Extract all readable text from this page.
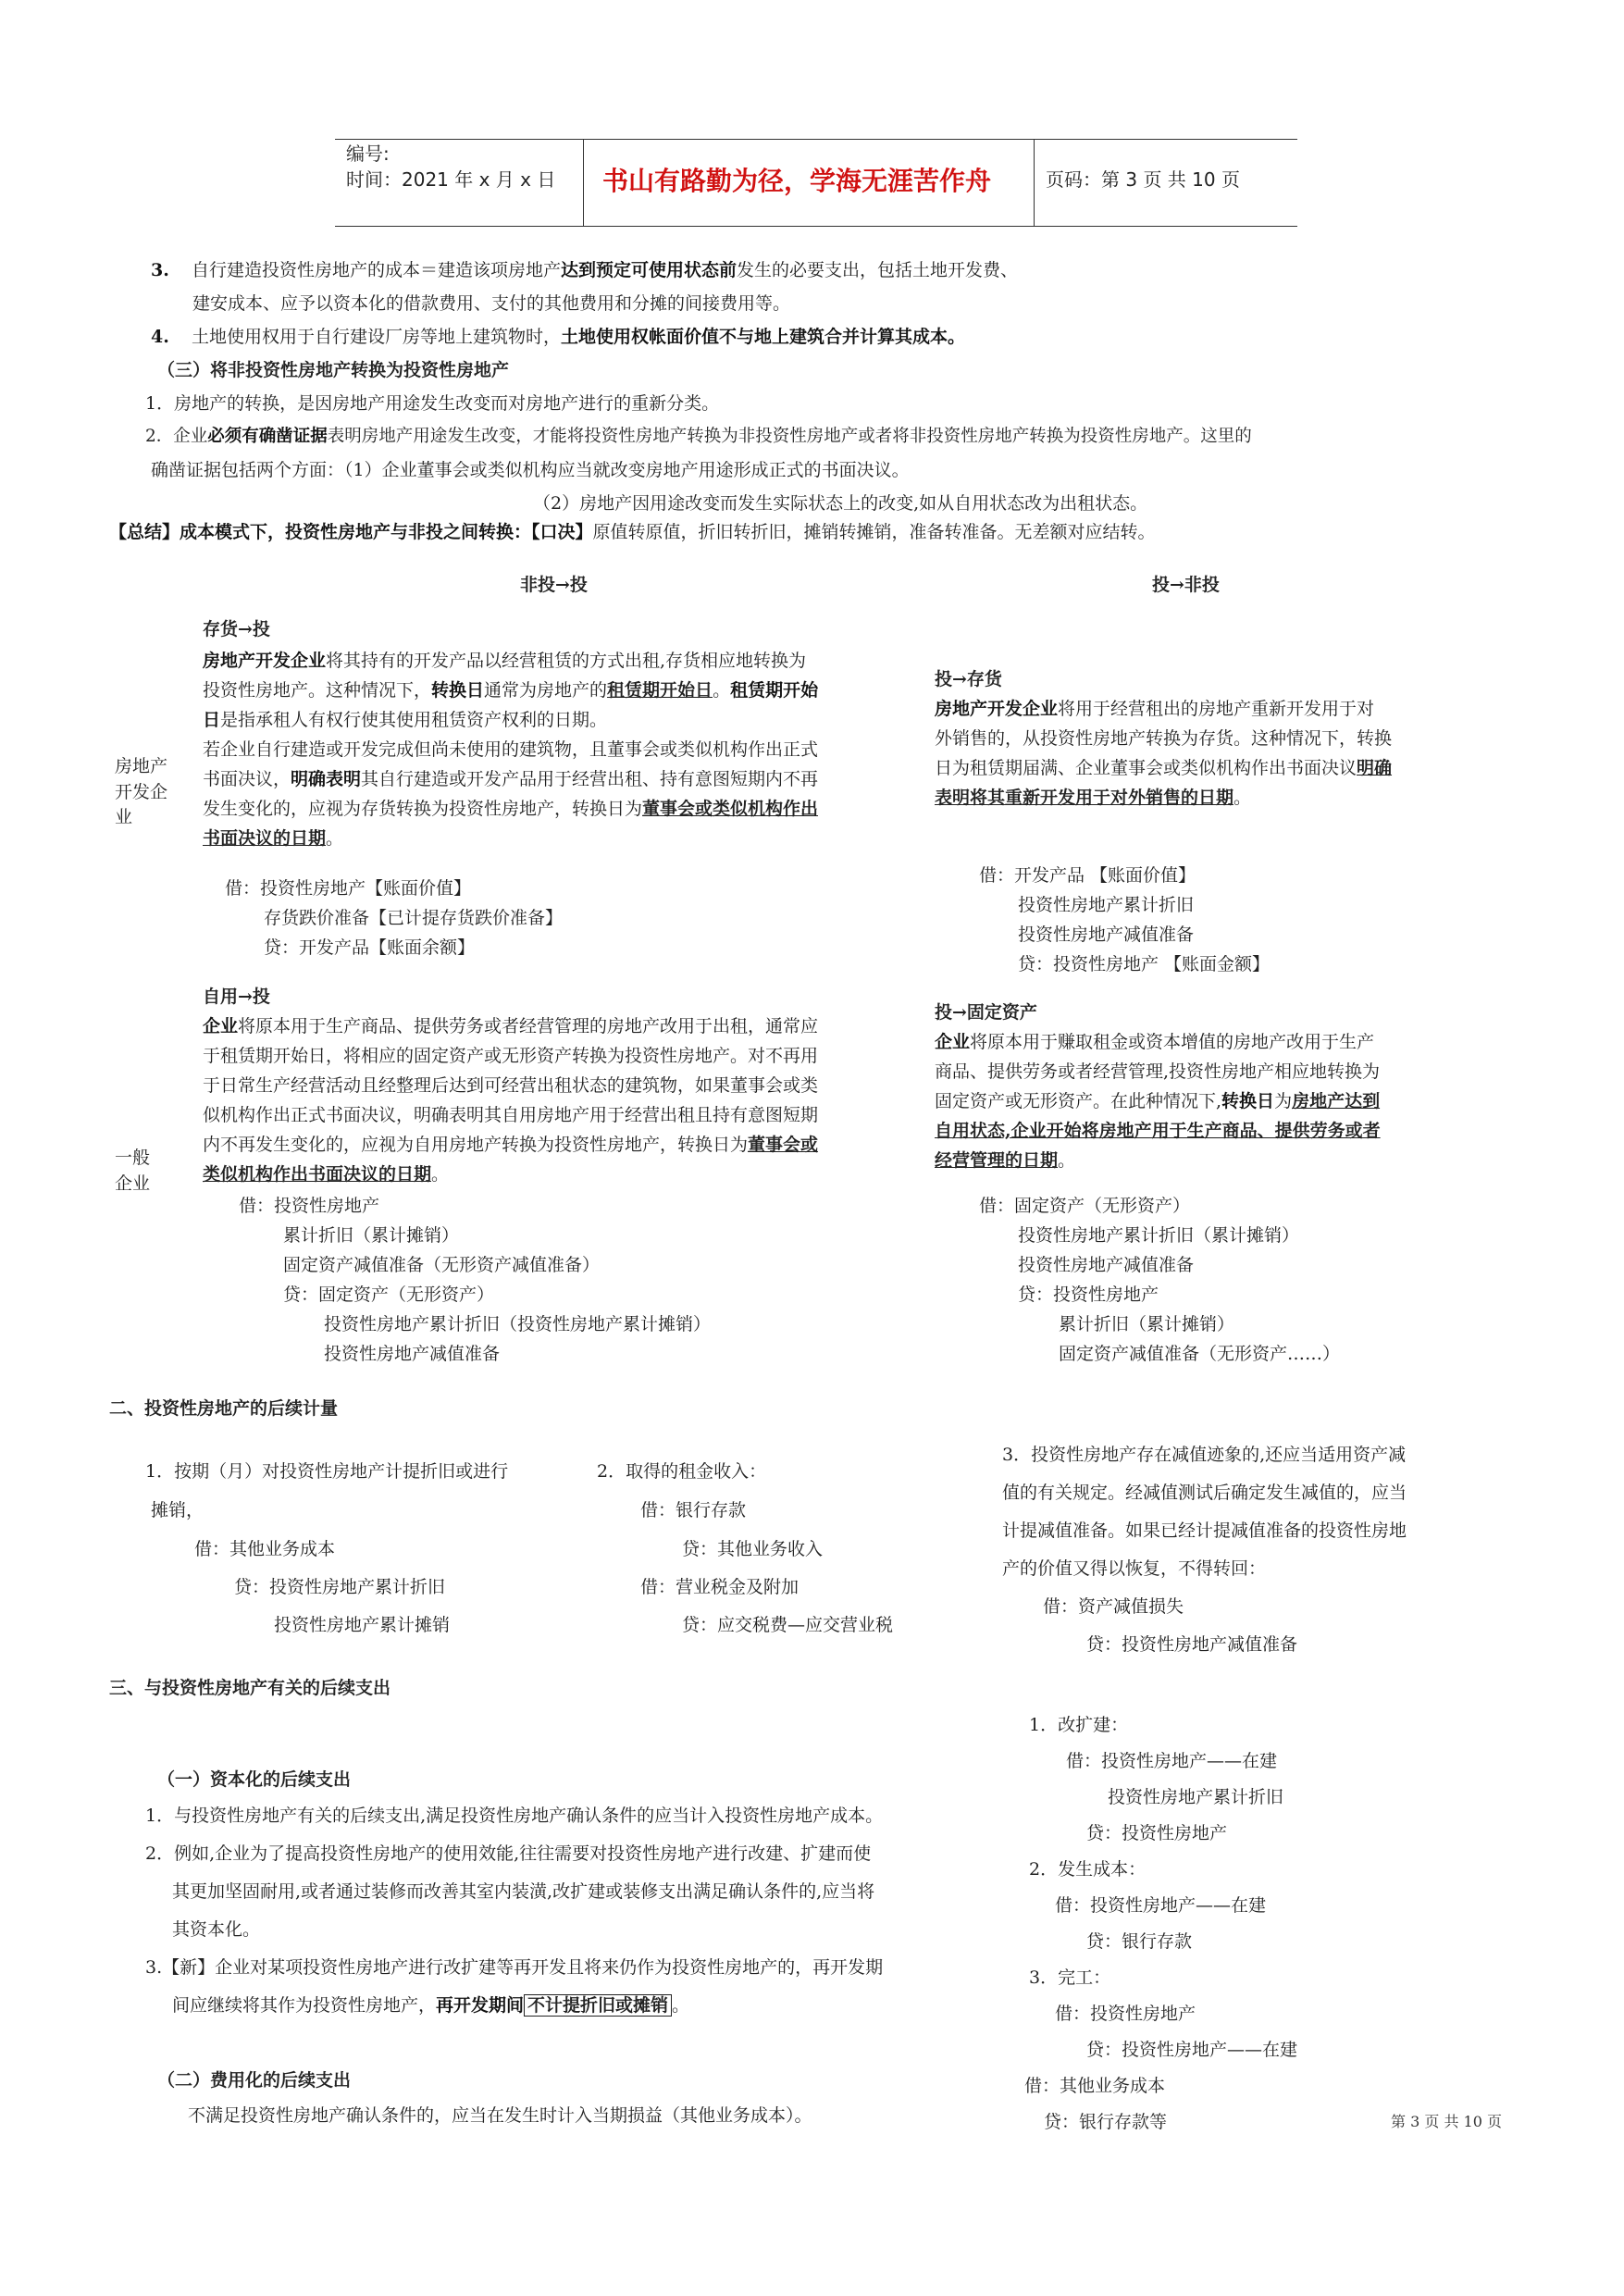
编号:
时间：2021 年 x 月 x 日 书山有路勤为径，学海无涯苦作舟	页码：第 3 页 共 10 页
3. 自行建造投资性房地产的成本＝建造该项房地产达到预定可使用状态前发生的必要支出，包括土地开发费、
建安成本、应予以资本化的借款费用、支付的其他费用和分摊的间接费用等。
4. 土地使用权用于自行建设厂房等地上建筑物时，土地使用权帐面价值不与地上建筑合并计算其成本。
（三）将非投资性房地产转换为投资性房地产
1．房地产的转换，是因房地产用途发生改变而对房地产进行的重新分类。
2．企业必须有确凿证据表明房地产用途发生改变，才能将投资性房地产转换为非投资性房地产或者将非投资性房地产转换为投资性房地产。这里的
确凿证据包括两个方面：（1）企业董事会或类似机构应当就改变房地产用途形成正式的书面决议。
（2）房地产因用途改变而发生实际状态上的改变,如从自用状态改为出租状态。
【总结】成本模式下，投资性房地产与非投之间转换：【口决】原值转原值，折旧转折旧，摊销转摊销，准备转准备。无差额对应结转。
非投→投	投→非投
房地产
开发企
业
一般
企业
存货→投
房地产开发企业将其持有的开发产品以经营租赁的方式出租,存货相应地转换为
投资性房地产。这种情况下，转换日通常为房地产的租赁期开始日。租赁期开始
日是指承租人有权行使其使用租赁资产权利的日期。
若企业自行建造或开发完成但尚未使用的建筑物，且董事会或类似机构作出正式
书面决议，明确表明其自行建造或开发产品用于经营出租、持有意图短期内不再
发生变化的，应视为存货转换为投资性房地产，转换日为董事会或类似机构作出
书面决议的日期。
借：投资性房地产【账面价值】
存货跌价准备【已计提存货跌价准备】
贷：开发产品【账面余额】
投→存货
房地产开发企业将用于经营租出的房地产重新开发用于对
外销售的，从投资性房地产转换为存货。这种情况下，转换
日为租赁期届满、企业董事会或类似机构作出书面决议明确
表明将其重新开发用于对外销售的日期。
借：开发产品 【账面价值】
投资性房地产累计折旧
投资性房地产减值准备
贷：投资性房地产 【账面金额】
自用→投
企业将原本用于生产商品、提供劳务或者经营管理的房地产改用于出租，通常应
于租赁期开始日，将相应的固定资产或无形资产转换为投资性房地产。对不再用
于日常生产经营活动且经整理后达到可经营出租状态的建筑物，如果董事会或类
似机构作出正式书面决议，明确表明其自用房地产用于经营出租且持有意图短期
内不再发生变化的，应视为自用房地产转换为投资性房地产，转换日为董事会或
类似机构作出书面决议的日期。
借：投资性房地产
累计折旧（累计摊销）
固定资产减值准备（无形资产减值准备）
贷：固定资产（无形资产）
投资性房地产累计折旧（投资性房地产累计摊销）
投资性房地产减值准备
投→固定资产
企业将原本用于赚取租金或资本增值的房地产改用于生产
商品、提供劳务或者经营管理,投资性房地产相应地转换为
固定资产或无形资产。在此种情况下,转换日为房地产达到
自用状态,企业开始将房地产用于生产商品、提供劳务或者
经营管理的日期。
借：固定资产（无形资产）
投资性房地产累计折旧（累计摊销）
投资性房地产减值准备
贷：投资性房地产
累计折旧（累计摊销）
固定资产减值准备（无形资产……）
二、投资性房地产的后续计量
1．按期（月）对投资性房地产计提折旧或进行
摊销，
借：其他业务成本
贷：投资性房地产累计折旧
投资性房地产累计摊销
2．取得的租金收入：
借：银行存款
贷：其他业务收入
借：营业税金及附加
贷：应交税费—应交营业税
3．投资性房地产存在减值迹象的,还应当适用资产减
值的有关规定。经减值测试后确定发生减值的，应当
计提减值准备。如果已经计提减值准备的投资性房地
产的价值又得以恢复，不得转回：
借：资产减值损失
贷：投资性房地产减值准备
三、与投资性房地产有关的后续支出
（一）资本化的后续支出
1．与投资性房地产有关的后续支出,满足投资性房地产确认条件的应当计入投资性房地产成本。
2．例如,企业为了提高投资性房地产的使用效能,往往需要对投资性房地产进行改建、扩建而使
其更加坚固耐用,或者通过装修而改善其室内装潢,改扩建或装修支出满足确认条件的,应当将
其资本化。
3.【新】企业对某项投资性房地产进行改扩建等再开发且将来仍作为投资性房地产的，再开发期
间应继续将其作为投资性房地产，再开发期间 不计提折旧或摊销 。
（二）费用化的后续支出
不满足投资性房地产确认条件的，应当在发生时计入当期损益（其他业务成本）。
1．改扩建：
借：投资性房地产——在建
投资性房地产累计折旧
贷：投资性房地产
2．发生成本：
借：投资性房地产——在建
贷：银行存款
3．完工：
借：投资性房地产
贷：投资性房地产——在建
借：其他业务成本
贷：银行存款等	第 3 页 共 10 页
